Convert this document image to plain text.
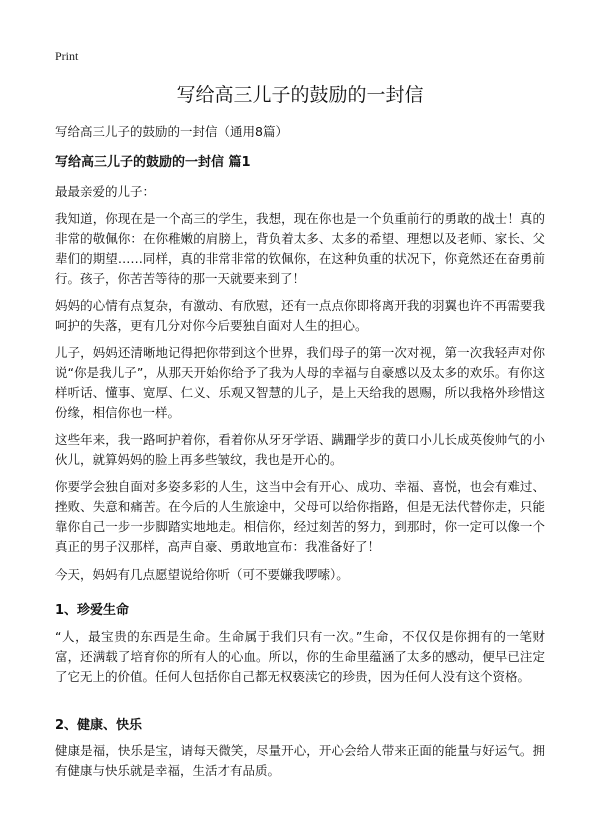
Print
写给高三儿子的鼓励的一封信

写给高三儿子的鼓励的一封信（通用8篇）

写给高三儿子的鼓励的一封信 篇1

最最亲爱的儿子：

我知道，你现在是一个高三的学生，我想，现在你也是一个负重前行的勇敢的战士！真的非常的敬佩你：在你稚嫩的肩膀上，背负着太多、太多的希望、理想以及老师、家长、父辈们的期望……同样，真的非常非常的钦佩你，在这种负重的状况下，你竟然还在奋勇前行。孩子，你苦苦等待的那一天就要来到了！

妈妈的心情有点复杂，有激动、有欣慰，还有一点点你即将离开我的羽翼也许不再需要我呵护的失落，更有几分对你今后要独自面对人生的担心。

儿子，妈妈还清晰地记得把你带到这个世界，我们母子的第一次对视，第一次我轻声对你说“你是我儿子”，从那天开始你给予了我为人母的幸福与自豪感以及太多的欢乐。有你这样听话、懂事、宽厚、仁义、乐观又智慧的儿子，是上天给我的恩赐，所以我格外珍惜这份缘，相信你也一样。

这些年来，我一路呵护着你，看着你从牙牙学语、蹒跚学步的黄口小儿长成英俊帅气的小伙儿，就算妈妈的脸上再多些皱纹，我也是开心的。

你要学会独自面对多姿多彩的人生，这当中会有开心、成功、幸福、喜悦，也会有难过、挫败、失意和痛苦。在今后的人生旅途中，父母可以给你指路，但是无法代替你走，只能靠你自己一步一步脚踏实地地走。相信你，经过刻苦的努力，到那时，你一定可以像一个真正的男子汉那样，高声自豪、勇敢地宣布：我准备好了！

今天，妈妈有几点愿望说给你听（可不要嫌我啰嗦）。

1、珍爱生命

“人，最宝贵的东西是生命。生命属于我们只有一次。”生命，不仅仅是你拥有的一笔财富，还满载了培育你的所有人的心血。所以，你的生命里蕴涵了太多的感动，便早已注定了它无上的价值。任何人包括你自己都无权亵渎它的珍贵，因为任何人没有这个资格。

2、健康、快乐

健康是福，快乐是宝，请每天微笑，尽量开心，开心会给人带来正面的能量与好运气。拥有健康与快乐就是幸福，生活才有品质。
